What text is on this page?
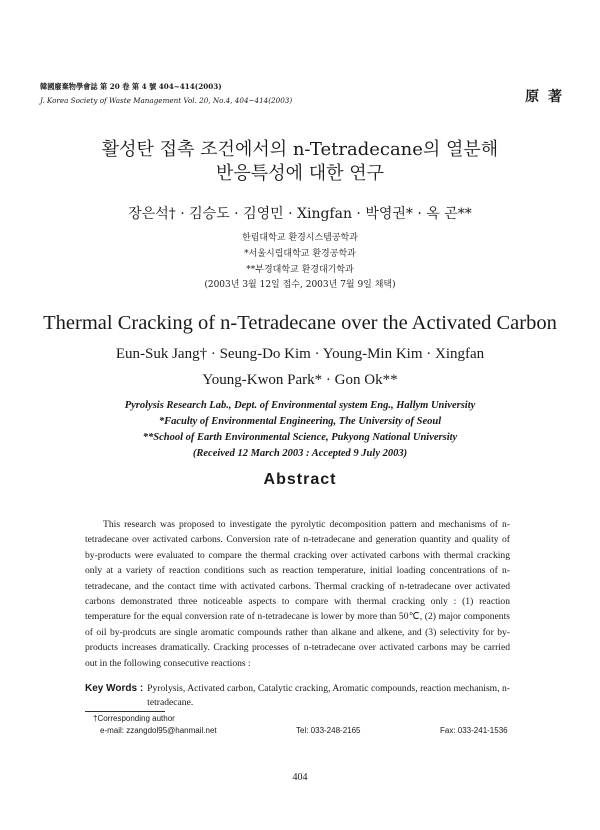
韓國廢棄物學會誌 第 20 卷 第 4 號 404~414(2003)
J. Korea Society of Waste Management Vol. 20, No.4, 404~414(2003)	原 著
활성탄 접촉 조건에서의 n-Tetradecane의 열분해
반응특성에 대한 연구
장은석† · 김승도 · 김영민 · Xingfan · 박영권* · 옥 곤**
한림대학교 환경시스템공학과
*서울시립대학교 환경공학과
**부경대학교 환경대기학과
(2003년 3월 12일 접수, 2003년 7월 9일 채택)
Thermal Cracking of n-Tetradecane over the Activated Carbon
Eun-Suk Jang† · Seung-Do Kim · Young-Min Kim · Xingfan
Young-Kwon Park* · Gon Ok**
Pyrolysis Research Lab., Dept. of Environmental system Eng., Hallym University
*Faculty of Environmental Engineering, The University of Seoul
**School of Earth Environmental Science, Pukyong National University
(Received 12 March 2003 : Accepted 9 July 2003)
Abstract
This research was proposed to investigate the pyrolytic decomposition pattern and mechanisms of n-tetradecane over activated carbons. Conversion rate of n-tetradecane and generation quantity and quality of by-products were evaluated to compare the thermal cracking over activated carbons with thermal cracking only at a variety of reaction conditions such as reaction temperature, initial loading concentrations of n-tetradecane, and the contact time with activated carbons. Thermal cracking of n-tetradecane over activated carbons demonstrated three noticeable aspects to compare with thermal cracking only : (1) reaction temperature for the equal conversion rate of n-tetradecane is lower by more than 50℃, (2) major components of oil by-prodcuts are single aromatic compounds rather than alkane and alkene, and (3) selectivity for by-products increases dramatically. Cracking processes of n-tetradecane over activated carbons may be carried out in the following consecutive reactions :
Key Words : Pyrolysis, Activated carbon, Catalytic cracking, Aromatic compounds, reaction mechanism, n-tetradecane.
†Corresponding author
e-mail: zzangdol95@hanmail.net	Tel: 033-248-2165	Fax: 033-241-1536
404
